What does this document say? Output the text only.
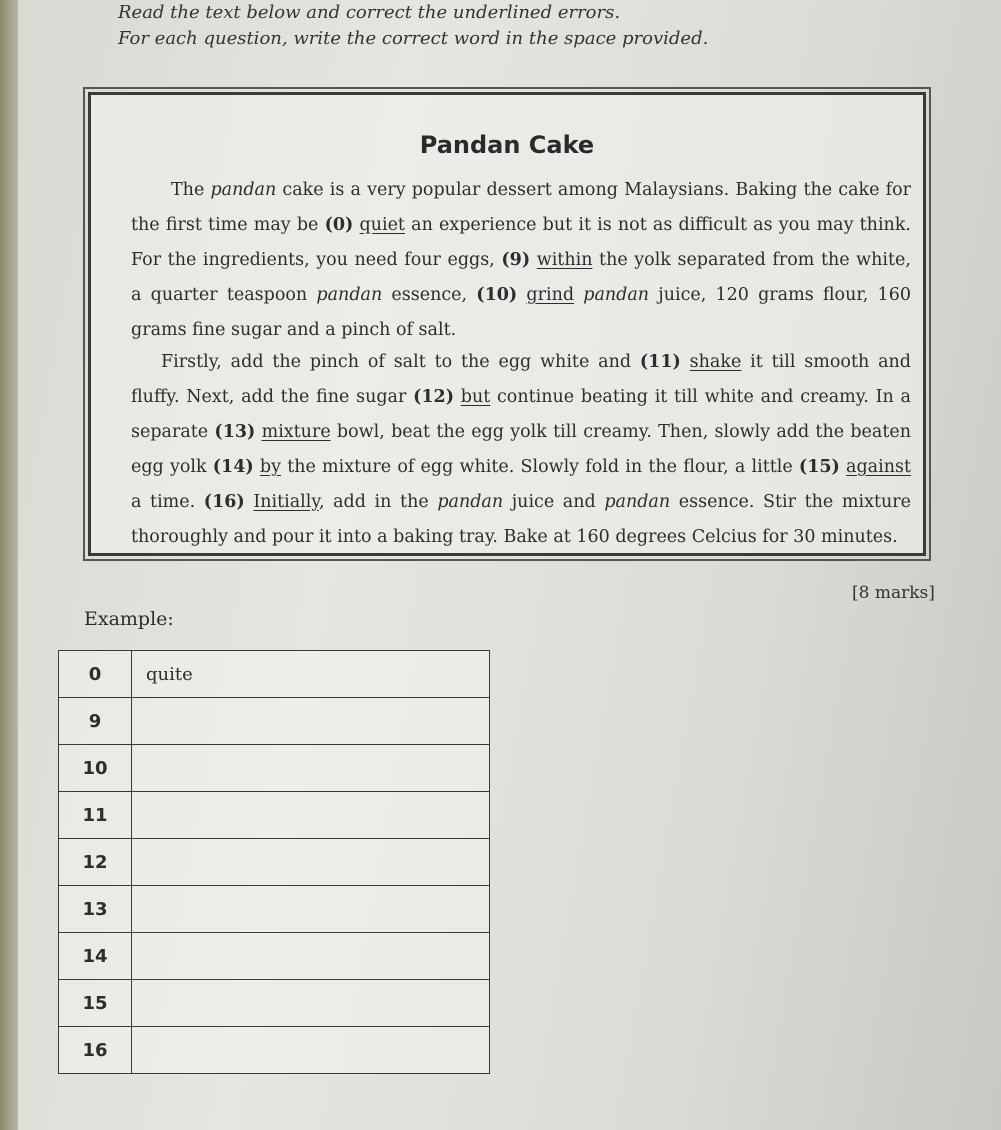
Read the text below and correct the underlined errors.
For each question, write the correct word in the space provided.
Pandan Cake
The pandan cake is a very popular dessert among Malaysians. Baking the cake for the first time may be (0) quiet an experience but it is not as difficult as you may think. For the ingredients, you need four eggs, (9) within the yolk separated from the white, a quarter teaspoon pandan essence, (10) grind pandan juice, 120 grams flour, 160 grams fine sugar and a pinch of salt.
Firstly, add the pinch of salt to the egg white and (11) shake it till smooth and fluffy. Next, add the fine sugar (12) but continue beating it till white and creamy. In a separate (13) mixture bowl, beat the egg yolk till creamy. Then, slowly add the beaten egg yolk (14) by the mixture of egg white. Slowly fold in the flour, a little (15) against a time. (16) Initially, add in the pandan juice and pandan essence. Stir the mixture thoroughly and pour it into a baking tray. Bake at 160 degrees Celcius for 30 minutes.
[8 marks]
Example:
0	quite
9	
10	
11	
12	
13	
14	
15	
16	
